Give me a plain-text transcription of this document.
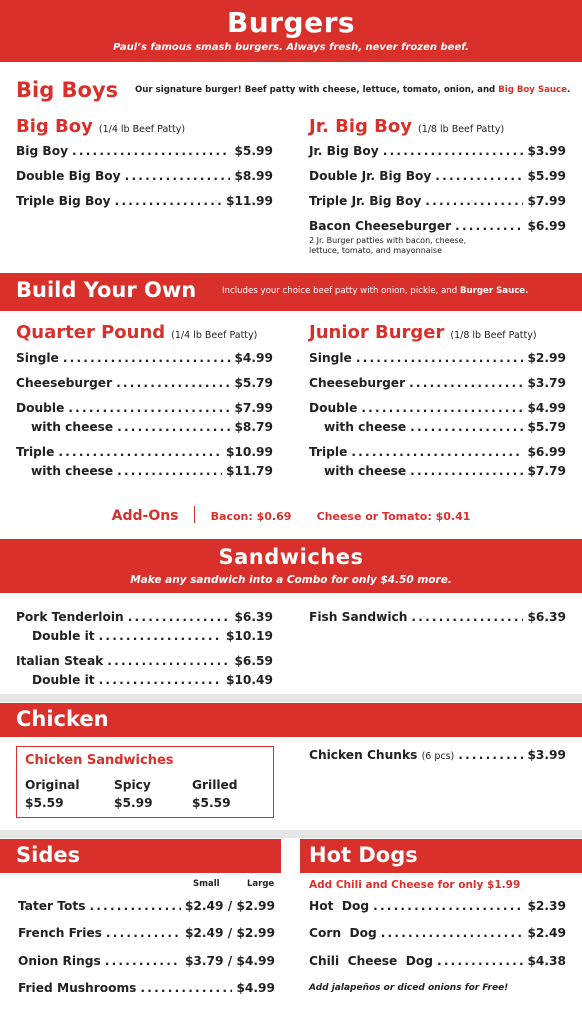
Burgers
Paul’s famous smash burgers. Always fresh, never frozen beef.
Big Boys Our signature burger! Beef patty with cheese, lettuce, tomato, onion, and Big Boy Sauce.
Big Boy (1/4 lb Beef Patty)	Jr. Big Boy (1/8 lb Beef Patty)
Big Boy .....	$5.99
Double Big Boy .....	$8.99
Triple Big Boy .....	$11.99
Jr. Big Boy .....	$3.99
Double Jr. Big Boy .....	$5.99
Triple Jr. Big Boy .....	$7.99
Bacon Cheeseburger .....	$6.99
2 Jr. Burger patties with bacon, cheese,
lettuce, tomato, and mayonnaise
Build Your Own	Includes your choice beef patty with onion, pickle, and Burger Sauce.
Quarter Pound (1/4 lb Beef Patty)	Junior Burger (1/8 lb Beef Patty)
Single .....	$4.99
Cheeseburger .....	$5.79
Double .....	$7.99
with cheese .....	$8.79
Triple .....	$10.99
with cheese .....	$11.79
Single .....	$2.99
Cheeseburger .....	$3.79
Double .....	$4.99
with cheese .....	$5.79
Triple .....	$6.99
with cheese .....	$7.79
Add-Ons	Bacon: $0.69 Cheese or Tomato: $0.41
Sandwiches
Make any sandwich into a Combo for only $4.50 more.
Pork Tenderloin .....	$6.39
Double it .....	$10.19
Italian Steak .....	$6.59
Double it .....	$10.49
Fish Sandwich .....	$6.39
Chicken
Chicken Sandwiches
Original
$5.59
Spicy
$5.99
Grilled
$5.59
Chicken Chunks (6 pcs) .....	$3.99
Sides
Small	Large
Tater Tots .....	$2.49 / $2.99
French Fries .....	$2.49 / $2.99
Onion Rings .....	$3.79 / $4.99
Fried Mushrooms .....	$4.99
Hot Dogs
Add Chili and Cheese for only $1.99
Hot  Dog .....	$2.39
Corn  Dog .....	$2.49
Chili  Cheese  Dog .....	$4.38
Add jalapeños or diced onions for Free!
